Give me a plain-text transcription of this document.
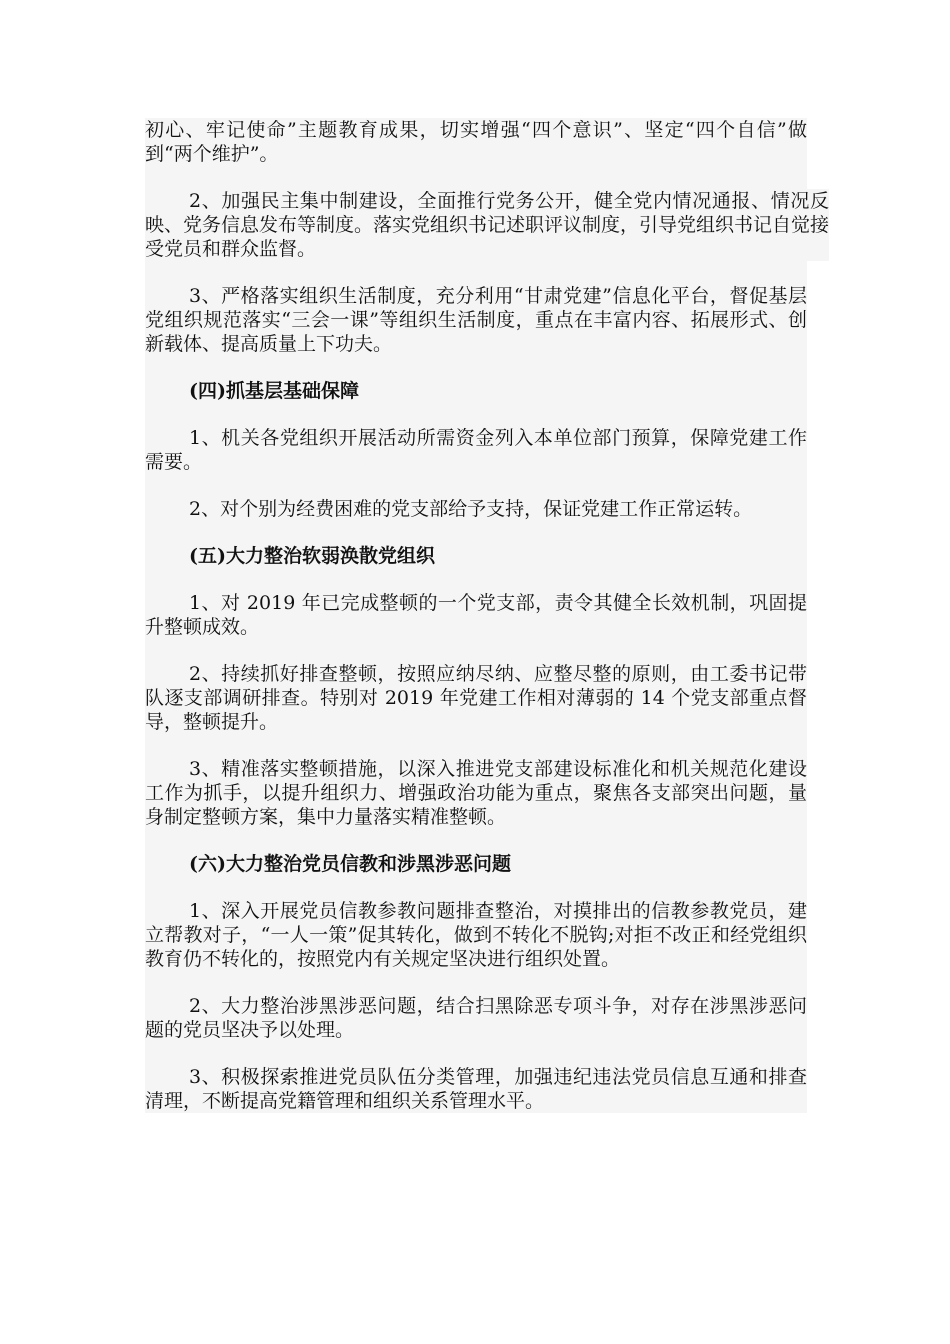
初心、牢记使命”主题教育成果，切实增强“四个意识”、坚定“四个自信”做到“两个维护”。

2、加强民主集中制建设，全面推行党务公开，健全党内情况通报、情况反映、党务信息发布等制度。落实党组织书记述职评议制度，引导党组织书记自觉接受党员和群众监督。

3、严格落实组织生活制度，充分利用“甘肃党建”信息化平台，督促基层党组织规范落实“三会一课”等组织生活制度，重点在丰富内容、拓展形式、创新载体、提高质量上下功夫。

(四)抓基层基础保障

1、机关各党组织开展活动所需资金列入本单位部门预算，保障党建工作需要。

2、对个别为经费困难的党支部给予支持，保证党建工作正常运转。

(五)大力整治软弱涣散党组织

1、对 2019 年已完成整顿的一个党支部，责令其健全长效机制，巩固提升整顿成效。

2、持续抓好排查整顿，按照应纳尽纳、应整尽整的原则，由工委书记带队逐支部调研排查。特别对 2019 年党建工作相对薄弱的 14 个党支部重点督导，整顿提升。

3、精准落实整顿措施，以深入推进党支部建设标准化和机关规范化建设工作为抓手，以提升组织力、增强政治功能为重点，聚焦各支部突出问题，量身制定整顿方案，集中力量落实精准整顿。

(六)大力整治党员信教和涉黑涉恶问题

1、深入开展党员信教参教问题排查整治，对摸排出的信教参教党员，建立帮教对子，“一人一策”促其转化，做到不转化不脱钩;对拒不改正和经党组织教育仍不转化的，按照党内有关规定坚决进行组织处置。

2、大力整治涉黑涉恶问题，结合扫黑除恶专项斗争，对存在涉黑涉恶问题的党员坚决予以处理。

3、积极探索推进党员队伍分类管理，加强违纪违法党员信息互通和排查清理，不断提高党籍管理和组织关系管理水平。
